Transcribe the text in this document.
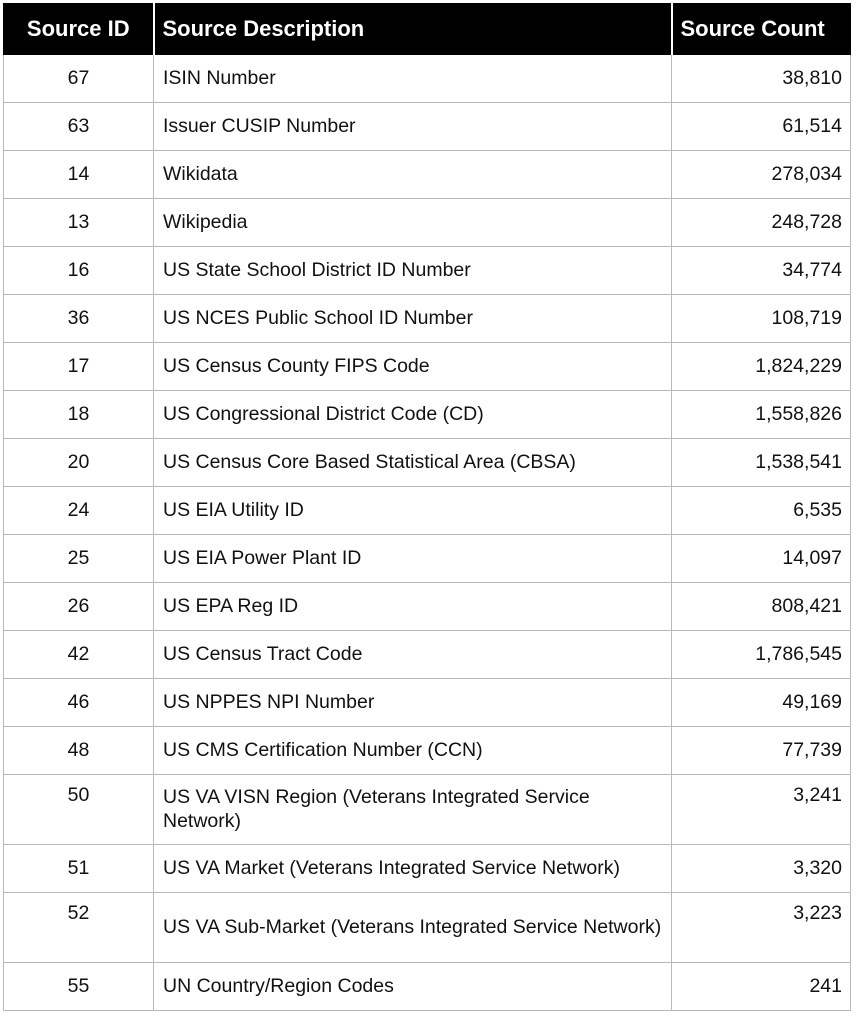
Source ID	Source Description	Source Count
67	ISIN Number	38,810
63	Issuer CUSIP Number	61,514
14	Wikidata	278,034
13	Wikipedia	248,728
16	US State School District ID Number	34,774
36	US NCES Public School ID Number	108,719
17	US Census County FIPS Code	1,824,229
18	US Congressional District Code (CD)	1,558,826
20	US Census Core Based Statistical Area (CBSA)	1,538,541
24	US EIA Utility ID	6,535
25	US EIA Power Plant ID	14,097
26	US EPA Reg ID	808,421
42	US Census Tract Code	1,786,545
46	US NPPES NPI Number	49,169
48	US CMS Certification Number (CCN)	77,739
50	US VA VISN Region (Veterans Integrated Service Network)	3,241
51	US VA Market (Veterans Integrated Service Network)	3,320
52	US VA Sub-Market (Veterans Integrated Service Network)	3,223
55	UN Country/Region Codes	241
